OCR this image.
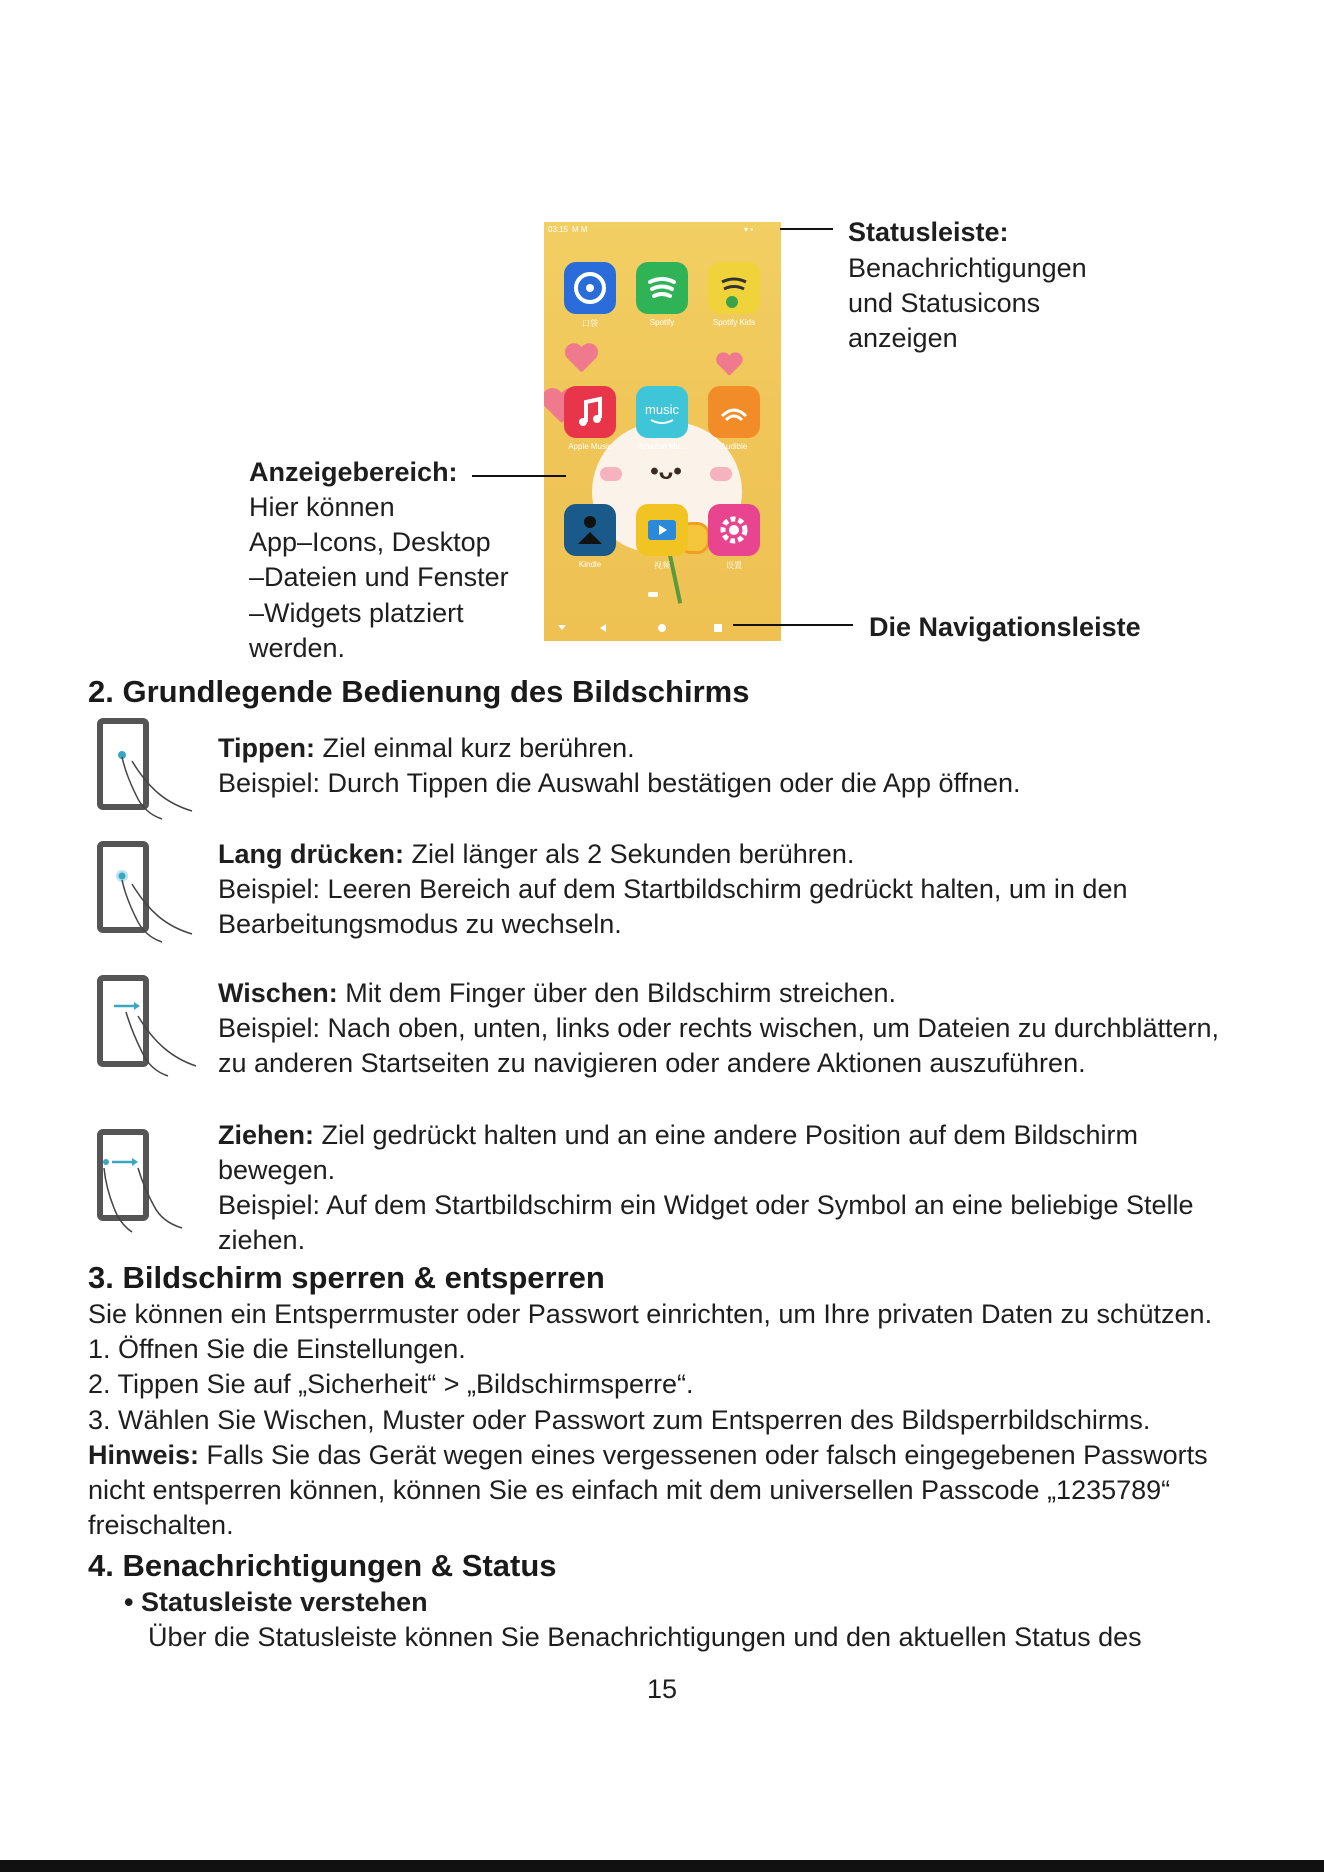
03:15 M M	▾ ▪
•ᴗ•
口袋	Spotify	Spotify Kids
Apple Music
music
Amazon Mu...	Audible
Kindle	视频	设置
Statusleiste:
Benachrichtigungen
und Statusicons
anzeigen
Anzeigebereich:
Hier können
App–Icons, Desktop
–Dateien und Fenster
–Widgets platziert
werden.
Die Navigationsleiste
2. Grundlegende Bedienung des Bildschirms
Tippen: Ziel einmal kurz berühren.
Beispiel: Durch Tippen die Auswahl bestätigen oder die App öffnen.
Lang drücken: Ziel länger als 2 Sekunden berühren.
Beispiel: Leeren Bereich auf dem Startbildschirm gedrückt halten, um in den
Bearbeitungsmodus zu wechseln.
Wischen: Mit dem Finger über den Bildschirm streichen.
Beispiel: Nach oben, unten, links oder rechts wischen, um Dateien zu durchblättern,
zu anderen Startseiten zu navigieren oder andere Aktionen auszuführen.
Ziehen: Ziel gedrückt halten und an eine andere Position auf dem Bildschirm
bewegen.
Beispiel: Auf dem Startbildschirm ein Widget oder Symbol an eine beliebige Stelle
ziehen.
3. Bildschirm sperren & entsperren
Sie können ein Entsperrmuster oder Passwort einrichten, um Ihre privaten Daten zu schützen.
1. Öffnen Sie die Einstellungen.
2. Tippen Sie auf „Sicherheit“ > „Bildschirmsperre“.
3. Wählen Sie Wischen, Muster oder Passwort zum Entsperren des Bildsperrbildschirms.
Hinweis: Falls Sie das Gerät wegen eines vergessenen oder falsch eingegebenen Passworts
nicht entsperren können, können Sie es einfach mit dem universellen Passcode „1235789“
freischalten.
4. Benachrichtigungen & Status
• Statusleiste verstehen
Über die Statusleiste können Sie Benachrichtigungen und den aktuellen Status des
15
